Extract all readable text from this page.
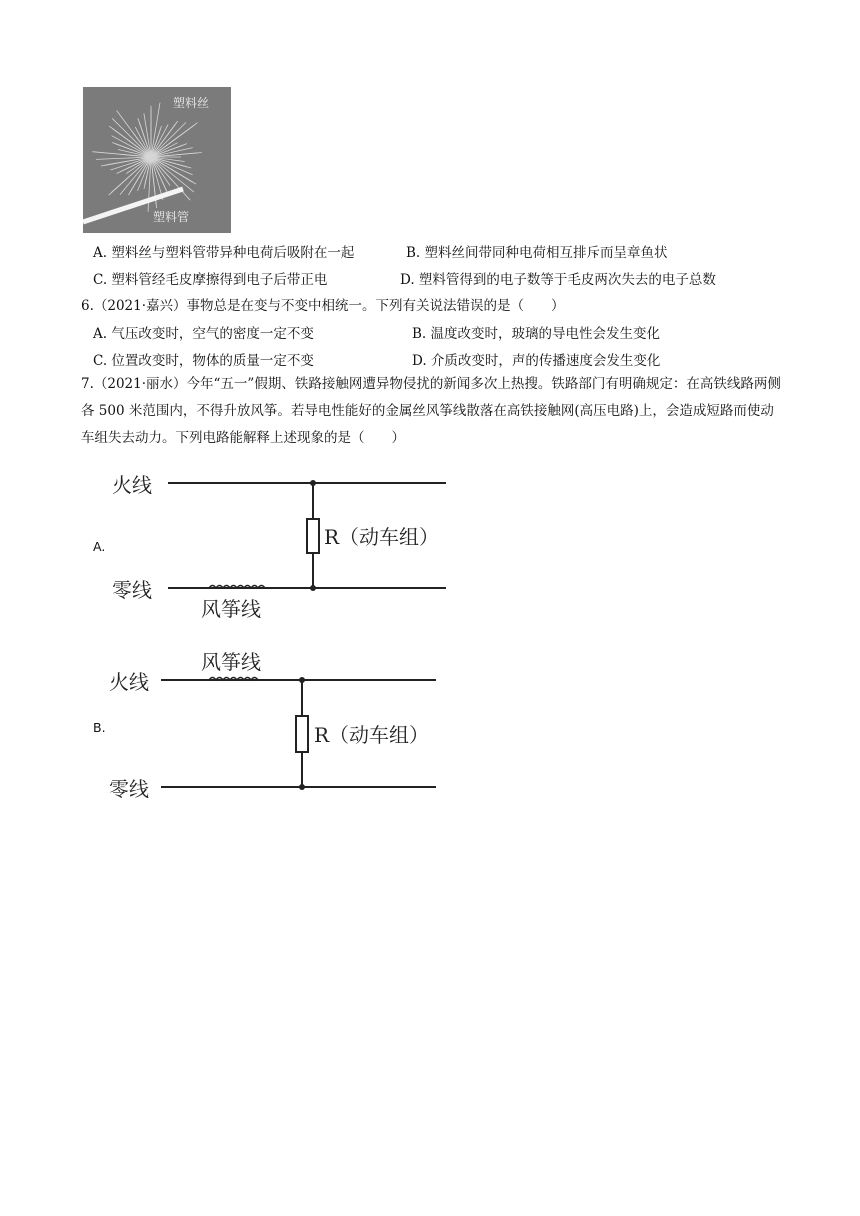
塑料丝
塑料管
A. 塑料丝与塑料管带异种电荷后吸附在一起	B. 塑料丝间带同种电荷相互排斥而呈章鱼状
C. 塑料管经毛皮摩擦得到电子后带正电	D. 塑料管得到的电子数等于毛皮两次失去的电子总数
6.（2021·嘉兴）事物总是在变与不变中相统一。下列有关说法错误的是（　　）
A. 气压改变时，空气的密度一定不变	B. 温度改变时，玻璃的导电性会发生变化
C. 位置改变时，物体的质量一定不变	D. 介质改变时，声的传播速度会发生变化
7.（2021·丽水）今年“五一”假期、铁路接触网遭异物侵扰的新闻多次上热搜。铁路部门有明确规定：在高铁线路两侧各 500 米范围内，不得升放风筝。若导电性能好的金属丝风筝线散落在高铁接触网(高压电路)上，会造成短路而使动车组失去动力。下列电路能解释上述现象的是（　　）
A.
火线
R（动车组）
零线
风筝线
B.
风筝线
火线
R（动车组）
零线
